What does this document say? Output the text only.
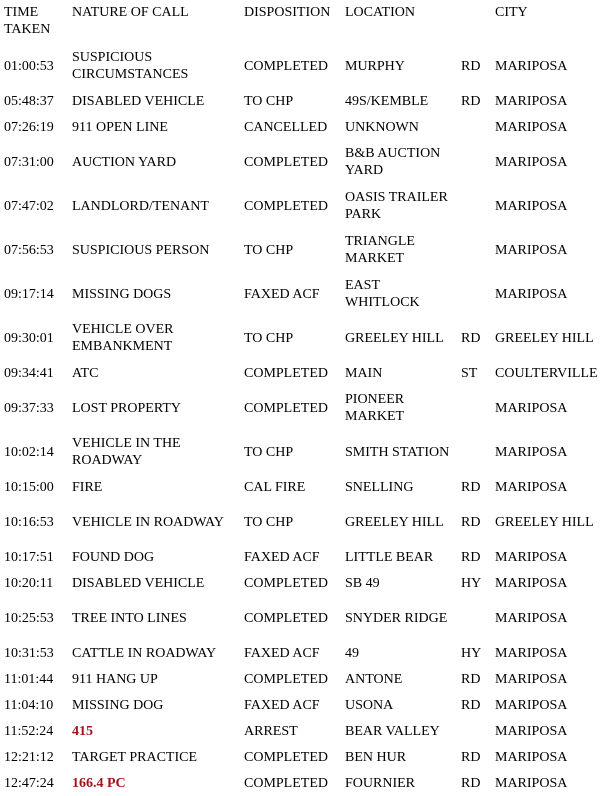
TIME TAKEN	NATURE OF CALL	DISPOSITION	LOCATION		CITY
01:00:53	SUSPICIOUS CIRCUMSTANCES	COMPLETED	MURPHY	RD	MARIPOSA
05:48:37	DISABLED VEHICLE	TO CHP	49S/KEMBLE	RD	MARIPOSA
07:26:19	911 OPEN LINE	CANCELLED	UNKNOWN		MARIPOSA
07:31:00	AUCTION YARD	COMPLETED	B&B AUCTION YARD		MARIPOSA
07:47:02	LANDLORD/TENANT	COMPLETED	OASIS TRAILER PARK		MARIPOSA
07:56:53	SUSPICIOUS PERSON	TO CHP	TRIANGLE MARKET		MARIPOSA
09:17:14	MISSING DOGS	FAXED ACF	EAST WHITLOCK		MARIPOSA
09:30:01	VEHICLE OVER EMBANKMENT	TO CHP	GREELEY HILL	RD	GREELEY HILL
09:34:41	ATC	COMPLETED	MAIN	ST	COULTERVILLE
09:37:33	LOST PROPERTY	COMPLETED	PIONEER MARKET		MARIPOSA
10:02:14	VEHICLE IN THE ROADWAY	TO CHP	SMITH STATION		MARIPOSA
10:15:00	FIRE	CAL FIRE	SNELLING	RD	MARIPOSA
10:16:53	VEHICLE IN ROADWAY	TO CHP	GREELEY HILL	RD	GREELEY HILL
10:17:51	FOUND DOG	FAXED ACF	LITTLE BEAR	RD	MARIPOSA
10:20:11	DISABLED VEHICLE	COMPLETED	SB 49	HY	MARIPOSA
10:25:53	TREE INTO LINES	COMPLETED	SNYDER RIDGE		MARIPOSA
10:31:53	CATTLE IN ROADWAY	FAXED ACF	49	HY	MARIPOSA
11:01:44	911 HANG UP	COMPLETED	ANTONE	RD	MARIPOSA
11:04:10	MISSING DOG	FAXED ACF	USONA	RD	MARIPOSA
11:52:24	415	ARREST	BEAR VALLEY		MARIPOSA
12:21:12	TARGET PRACTICE	COMPLETED	BEN HUR	RD	MARIPOSA
12:47:24	166.4 PC	COMPLETED	FOURNIER	RD	MARIPOSA
